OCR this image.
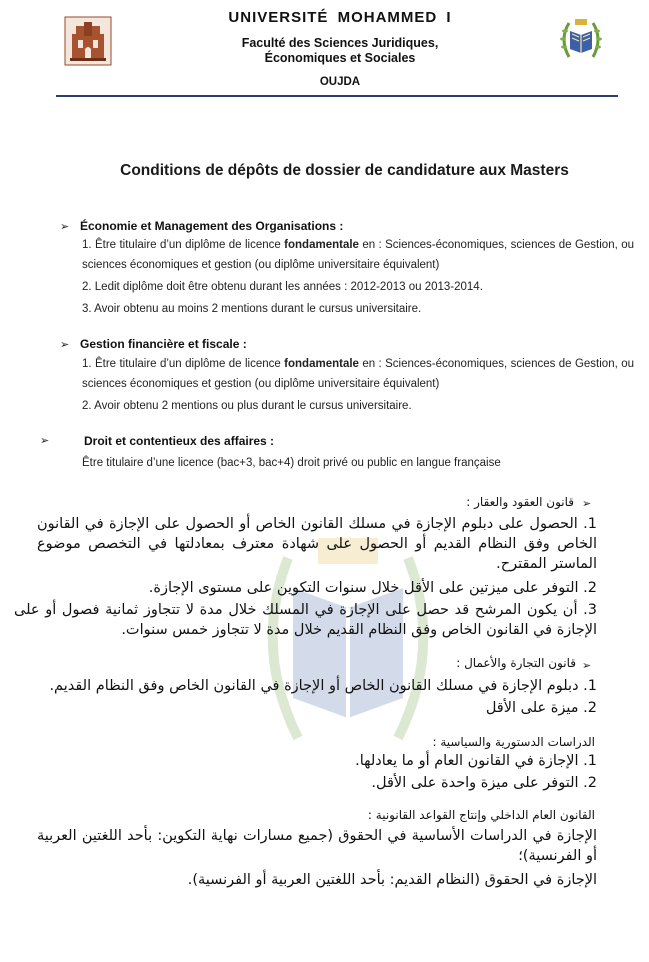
UNIVERSITÉ MOHAMMED I
Faculté des Sciences Juridiques,
Économiques et Sociales
OUJDA
Conditions de dépôts de dossier de candidature aux Masters
➢ Économie et Management des Organisations :
1. Être titulaire d’un diplôme de licence fondamentale en : Sciences-économiques, sciences de Gestion, ou sciences économiques et gestion (ou diplôme universitaire équivalent)
2. Ledit diplôme doit être obtenu durant les années : 2012-2013 ou 2013-2014.
3. Avoir obtenu au moins 2 mentions durant le cursus universitaire.
➢ Gestion financière et fiscale :
1. Être titulaire d’un diplôme de licence fondamentale en : Sciences-économiques, sciences de Gestion, ou sciences économiques et gestion (ou diplôme universitaire équivalent)
2. Avoir obtenu 2 mentions ou plus durant le cursus universitaire.
➢	Droit et contentieux des affaires :
Être titulaire d’une licence (bac+3, bac+4) droit privé ou public en langue française
➢
قانون العقود والعقار :
1. الحصول على دبلوم الإجازة في مسلك القانون الخاص أو الحصول على الإجازة في القانون الخاص وفق النظام القديم أو الحصول على شهادة معترف بمعادلتها في التخصص موضوع الماستر المقترح.
2. التوفر على ميزتين على الأقل خلال سنوات التكوين على مستوى الإجازة.
3. أن يكون المرشح قد حصل على الإجازة في المسلك خلال مدة لا تتجاوز ثمانية فصول أو على الإجازة في القانون الخاص وفق النظام القديم خلال مدة لا تتجاوز خمس سنوات.
➢
قانون التجارة والأعمال :
1. دبلوم الإجازة في مسلك القانون الخاص أو الإجازة في القانون الخاص وفق النظام القديم.
2. ميزة على الأقل
الدراسات الدستورية والسياسية :
1. الإجازة في القانون العام أو ما يعادلها.
2. التوفر على ميزة واحدة على الأقل.
القانون العام الداخلي وإنتاج القواعد القانونية :
الإجازة في الدراسات الأساسية في الحقوق (جميع مسارات نهاية التكوين: بأحد اللغتين العربية أو الفرنسية)؛
الإجازة في الحقوق (النظام القديم: بأحد اللغتين العربية أو الفرنسية).
